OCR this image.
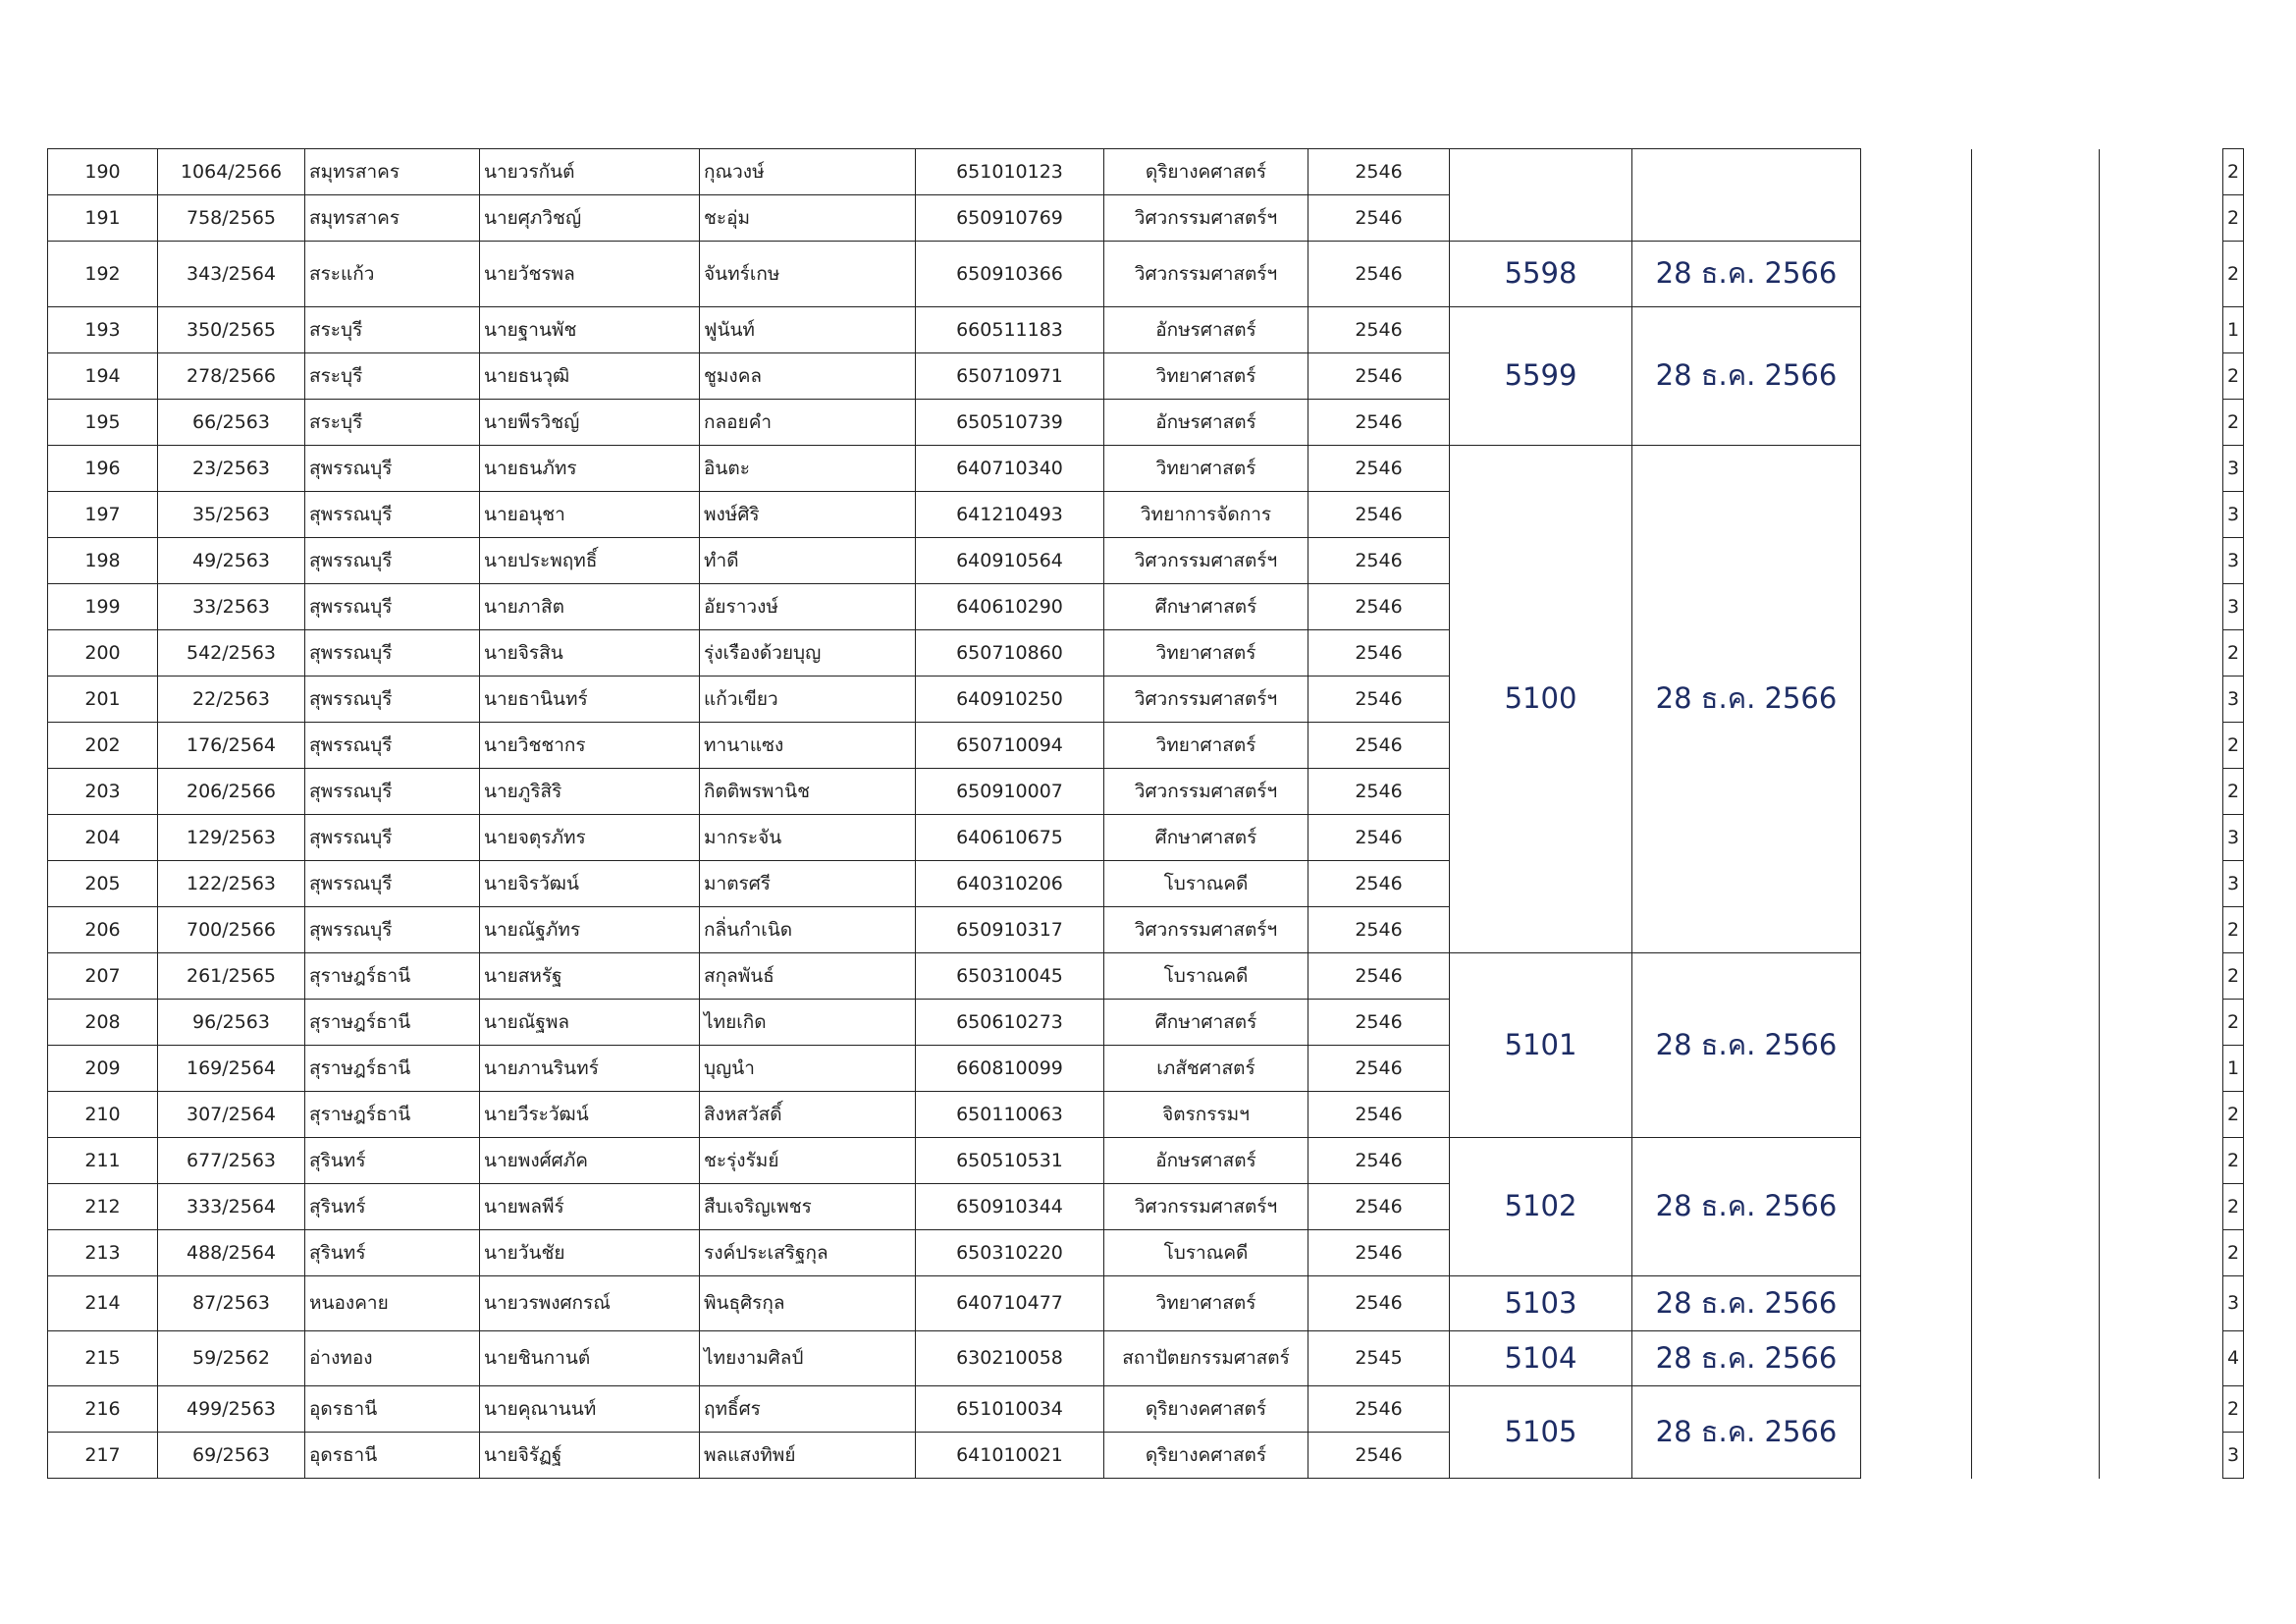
190	1064/2566	สมุทรสาคร	นายวรกันต์	กุณวงษ์	651010123	ดุริยางคศาสตร์	2546						2
191	758/2565	สมุทรสาคร	นายศุภวิชญ์	ชะอุ่ม	650910769	วิศวกรรมศาสตร์ฯ	2546						2
192	343/2564	สระแก้ว	นายวัชรพล	จันทร์เกษ	650910366	วิศวกรรมศาสตร์ฯ	2546	5598	28 ธ.ค. 2566				2
193	350/2565	สระบุรี	นายฐานพัช	ฟูนันท์	660511183	อักษรศาสตร์	2546	5599	28 ธ.ค. 2566				1
194	278/2566	สระบุรี	นายธนวุฒิ	ชูมงคล	650710971	วิทยาศาสตร์	2546						2
195	66/2563	สระบุรี	นายพีรวิชญ์	กลอยคำ	650510739	อักษรศาสตร์	2546						2
196	23/2563	สุพรรณบุรี	นายธนภัทร	อินตะ	640710340	วิทยาศาสตร์	2546	5100	28 ธ.ค. 2566				3
197	35/2563	สุพรรณบุรี	นายอนุชา	พงษ์ศิริ	641210493	วิทยาการจัดการ	2546						3
198	49/2563	สุพรรณบุรี	นายประพฤทธิ์	ทำดี	640910564	วิศวกรรมศาสตร์ฯ	2546						3
199	33/2563	สุพรรณบุรี	นายภาสิต	อัยราวงษ์	640610290	ศึกษาศาสตร์	2546						3
200	542/2563	สุพรรณบุรี	นายจิรสิน	รุ่งเรืองด้วยบุญ	650710860	วิทยาศาสตร์	2546						2
201	22/2563	สุพรรณบุรี	นายธานินทร์	แก้วเขียว	640910250	วิศวกรรมศาสตร์ฯ	2546						3
202	176/2564	สุพรรณบุรี	นายวิชชากร	ทานาแซง	650710094	วิทยาศาสตร์	2546						2
203	206/2566	สุพรรณบุรี	นายภูริสิริ	กิตติพรพานิช	650910007	วิศวกรรมศาสตร์ฯ	2546						2
204	129/2563	สุพรรณบุรี	นายจตุรภัทร	มากระจัน	640610675	ศึกษาศาสตร์	2546						3
205	122/2563	สุพรรณบุรี	นายจิรวัฒน์	มาตรศรี	640310206	โบราณคดี	2546						3
206	700/2566	สุพรรณบุรี	นายณัฐภัทร	กลิ่นกำเนิด	650910317	วิศวกรรมศาสตร์ฯ	2546						2
207	261/2565	สุราษฎร์ธานี	นายสหรัฐ	สกุลพันธ์	650310045	โบราณคดี	2546	5101	28 ธ.ค. 2566				2
208	96/2563	สุราษฎร์ธานี	นายณัฐพล	ไทยเกิด	650610273	ศึกษาศาสตร์	2546						2
209	169/2564	สุราษฎร์ธานี	นายภานรินทร์	บุญนำ	660810099	เภสัชศาสตร์	2546						1
210	307/2564	สุราษฎร์ธานี	นายวีระวัฒน์	สิงหสวัสดิ์	650110063	จิตรกรรมฯ	2546						2
211	677/2563	สุรินทร์	นายพงศ์ศภัค	ชะรุ่งรัมย์	650510531	อักษรศาสตร์	2546	5102	28 ธ.ค. 2566				2
212	333/2564	สุรินทร์	นายพลพีร์	สืบเจริญเพชร	650910344	วิศวกรรมศาสตร์ฯ	2546						2
213	488/2564	สุรินทร์	นายวันชัย	รงค์ประเสริฐกุล	650310220	โบราณคดี	2546						2
214	87/2563	หนองคาย	นายวรพงศกรณ์	พินธุศิรกุล	640710477	วิทยาศาสตร์	2546	5103	28 ธ.ค. 2566				3
215	59/2562	อ่างทอง	นายชินกานต์	ไทยงามศิลป์	630210058	สถาปัตยกรรมศาสตร์	2545	5104	28 ธ.ค. 2566				4
216	499/2563	อุดรธานี	นายคุณานนท์	ฤทธิ์ศร	651010034	ดุริยางคศาสตร์	2546	5105	28 ธ.ค. 2566				2
217	69/2563	อุดรธานี	นายจิรัฏฐ์	พลแสงทิพย์	641010021	ดุริยางคศาสตร์	2546						3
